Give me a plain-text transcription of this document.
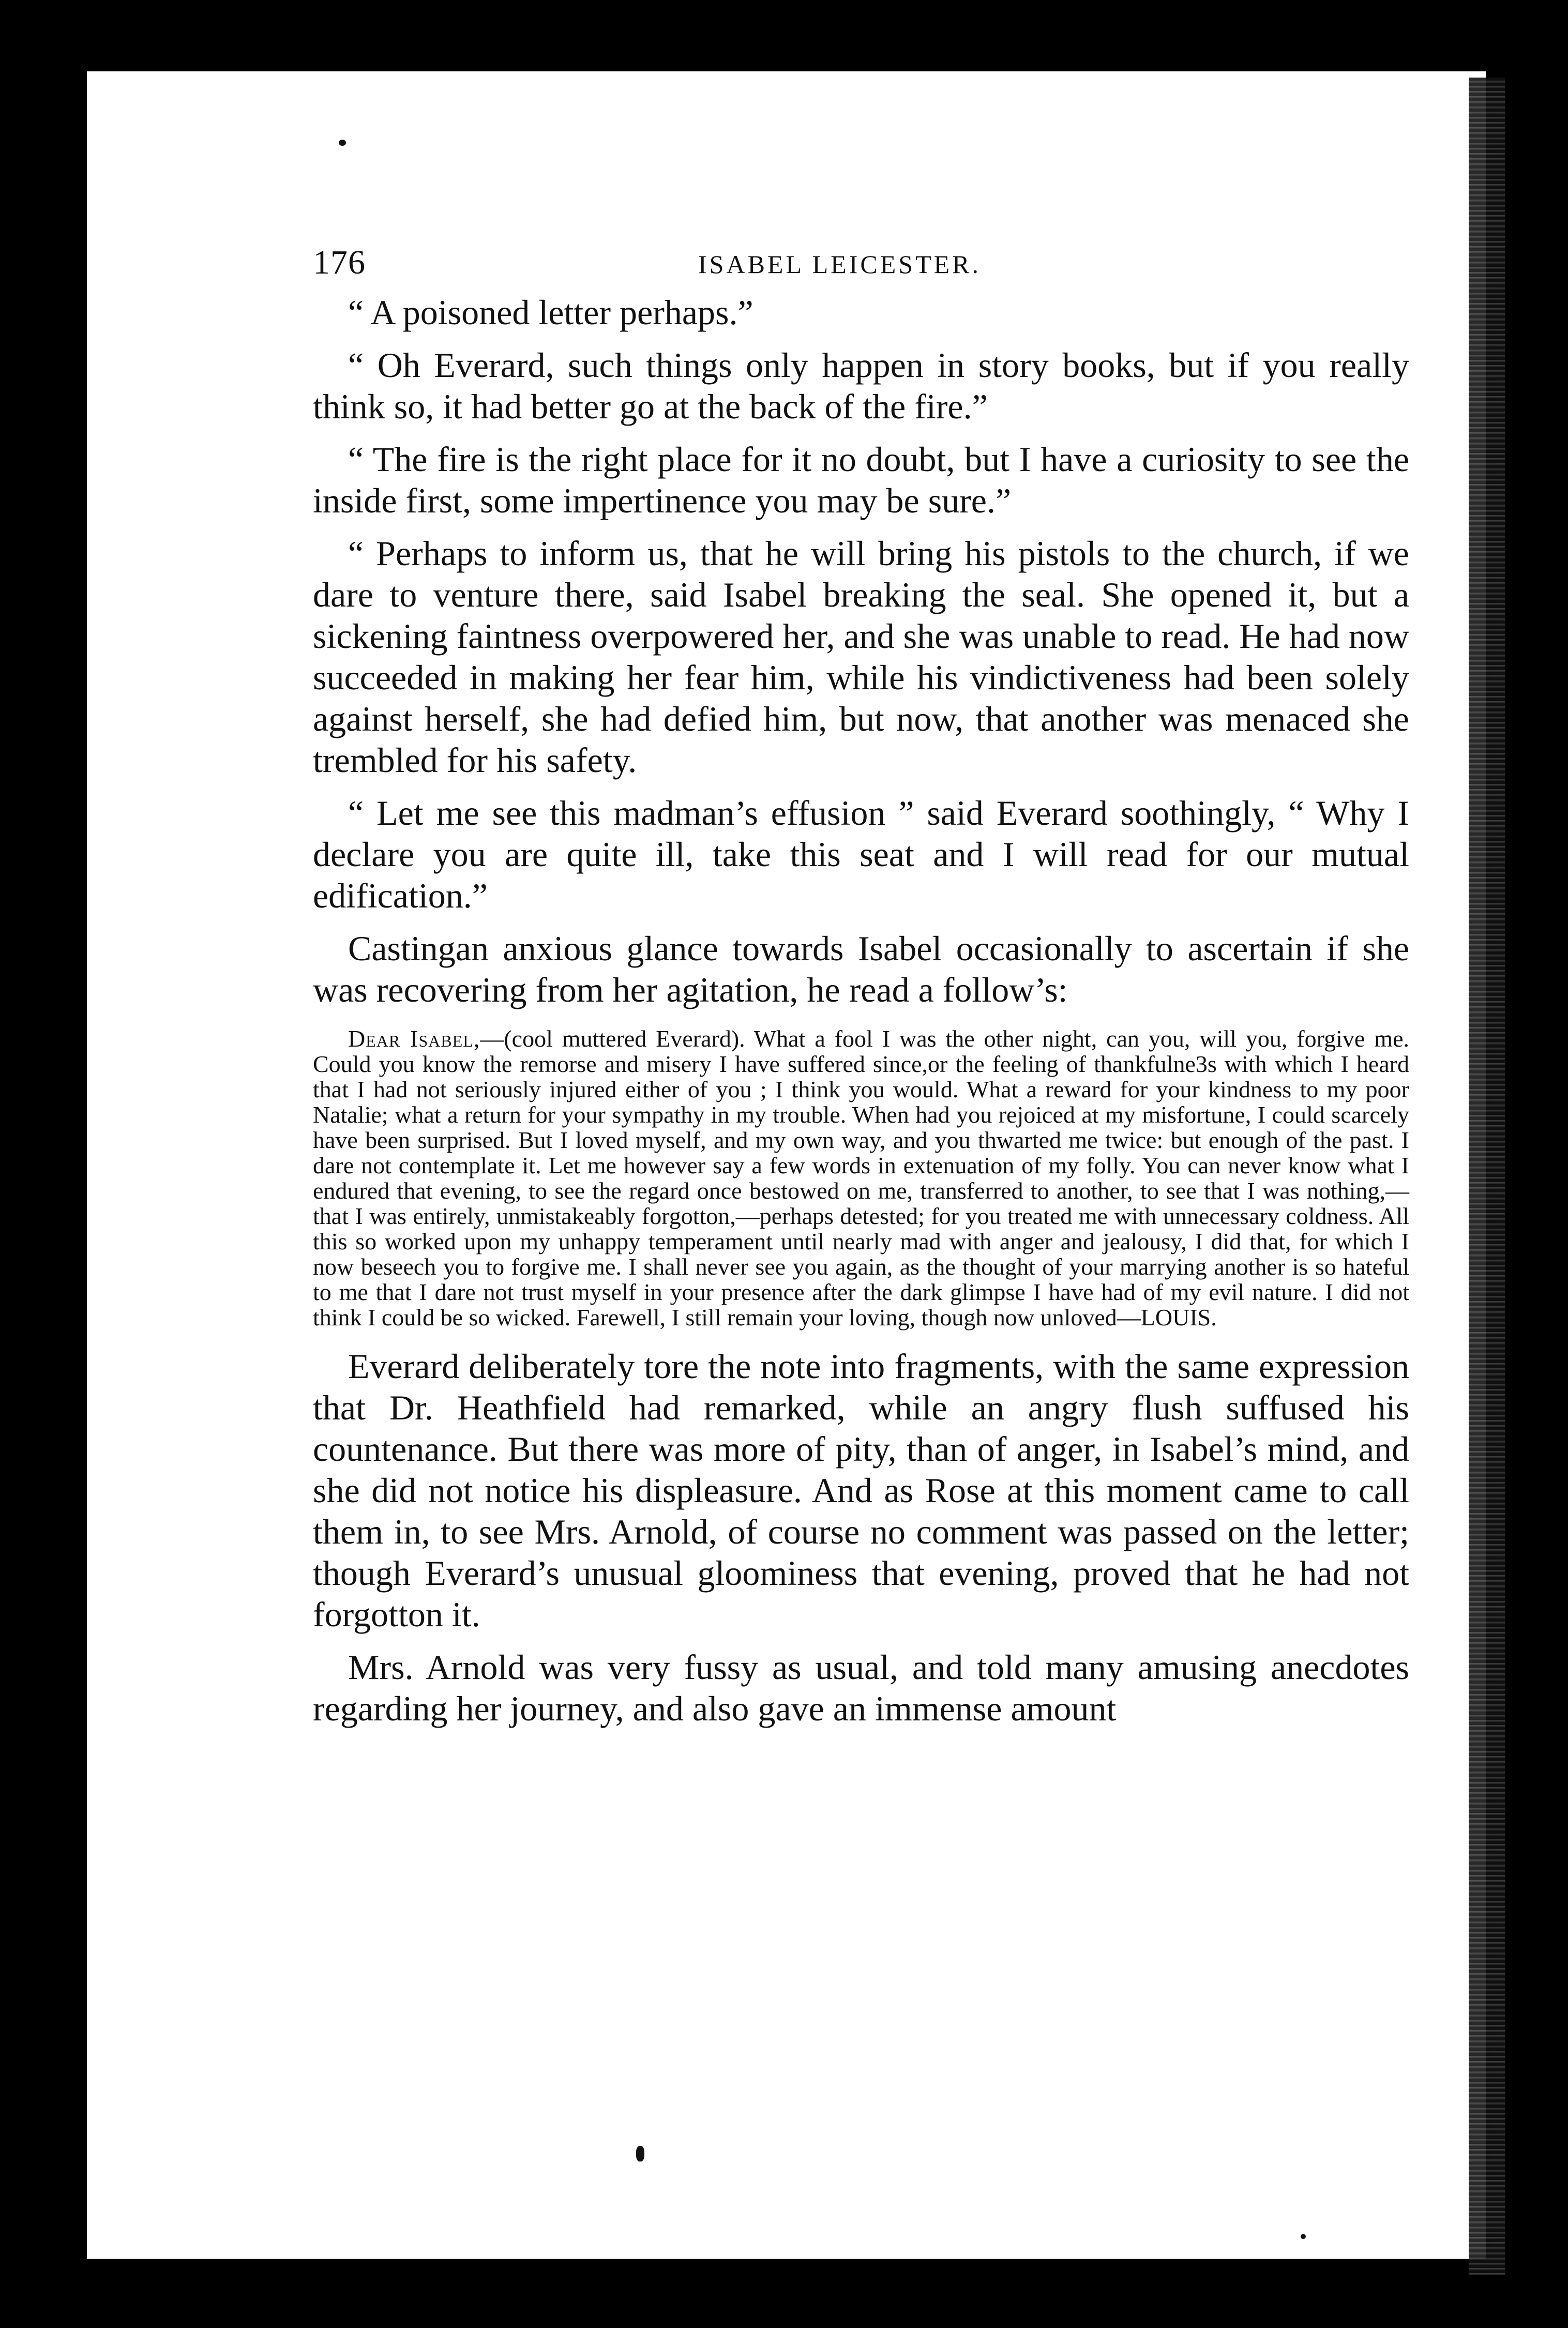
176	ISABEL LEICESTER.

“ A poisoned letter perhaps.”

“ Oh Everard, such things only happen in story books, but if you really think so, it had better go at the back of the fire.”

“ The fire is the right place for it no doubt, but I have a curiosity to see the inside first, some impertinence you may be sure.”

“ Perhaps to inform us, that he will bring his pistols to the church, if we dare to venture there, said Isabel breaking the seal. She opened it, but a sickening faintness overpowered her, and she was unable to read. He had now succeeded in making her fear him, while his vindictiveness had been solely against herself, she had defied him, but now, that another was menaced she trembled for his safety.

“ Let me see this madman’s effusion ” said Everard soothingly, “ Why I declare you are quite ill, take this seat and I will read for our mutual edification.”

Castingan anxious glance towards Isabel occasionally to ascertain if she was recovering from her agitation, he read a follow’s:

Dear Isabel,—(cool muttered Everard). What a fool I was the other night, can you, will you, forgive me. Could you know the remorse and misery I have suffered since,or the feeling of thankfulne3s with which I heard that I had not seriously injured either of you ; I think you would. What a reward for your kindness to my poor Natalie; what a return for your sympathy in my trouble. When had you rejoiced at my misfortune, I could scarcely have been surprised. But I loved myself, and my own way, and you thwarted me twice: but enough of the past. I dare not contemplate it. Let me however say a few words in extenuation of my folly. You can never know what I endured that evening, to see the regard once bestowed on me, transferred to another, to see that I was nothing,—that I was entirely, unmistakeably forgotton,—perhaps detested; for you treated me with unnecessary coldness. All this so worked upon my unhappy temperament until nearly mad with anger and jealousy, I did that, for which I now beseech you to forgive me. I shall never see you again, as the thought of your marrying another is so hateful to me that I dare not trust myself in your presence after the dark glimpse I have had of my evil nature. I did not think I could be so wicked. Farewell, I still remain your loving, though now unloved—LOUIS.

Everard deliberately tore the note into fragments, with the same expression that Dr. Heathfield had remarked, while an angry flush suffused his countenance. But there was more of pity, than of anger, in Isabel’s mind, and she did not notice his displeasure. And as Rose at this moment came to call them in, to see Mrs. Arnold, of course no comment was passed on the letter; though Everard’s unusual gloominess that evening, proved that he had not forgotton it.

Mrs. Arnold was very fussy as usual, and told many amusing anecdotes regarding her journey, and also gave an immense amount
